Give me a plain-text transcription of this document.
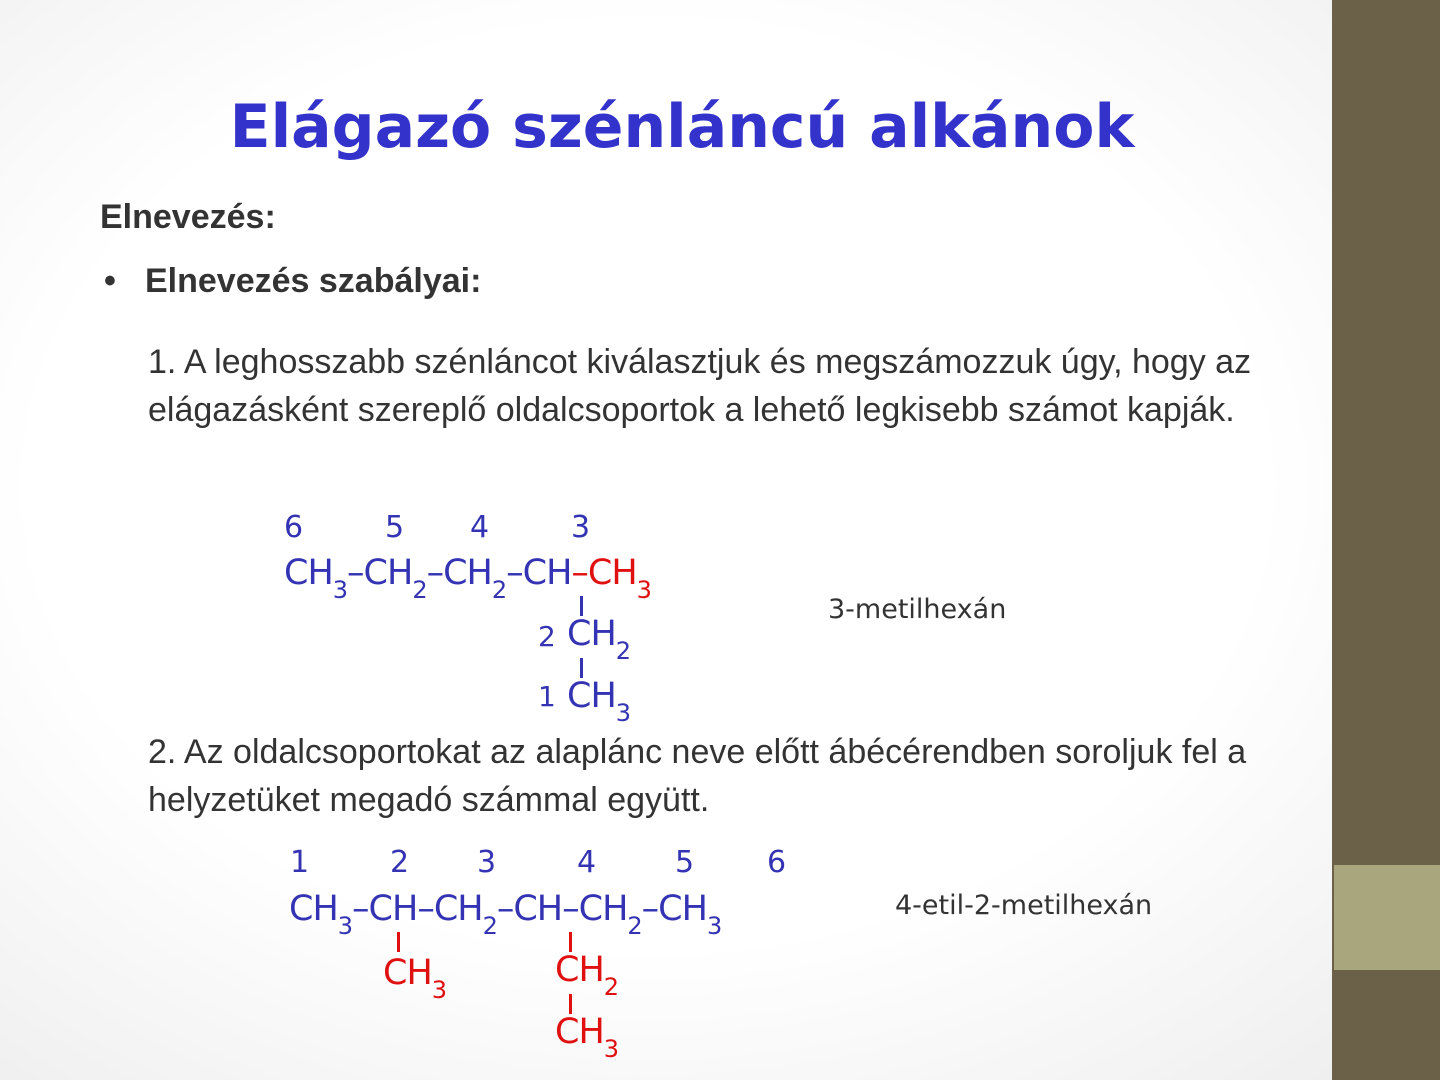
Elágazó szénláncú alkánok
Elnevezés:
• Elnevezés szabályai:
1. A leghosszabb szénláncot kiválasztjuk és megszámozzuk úgy, hogy az elágazásként szereplő oldalcsoportok a lehető legkisebb számot kapják.
6	5 4	3
$CH_3-CH_2-CH_2-CH-CH_3$
2 $CH_2$
1 $CH_3$
3-metilhexán
2. Az oldalcsoportokat az alaplánc neve előtt ábécérendben soroljuk fel a helyzetüket megadó számmal együtt.
1	2 3	4	5 6
$CH_3-CH-CH_2-CH-CH_2-CH_3$
$CH_3$	$CH_2$
$CH_3$
4-etil-2-metilhexán
